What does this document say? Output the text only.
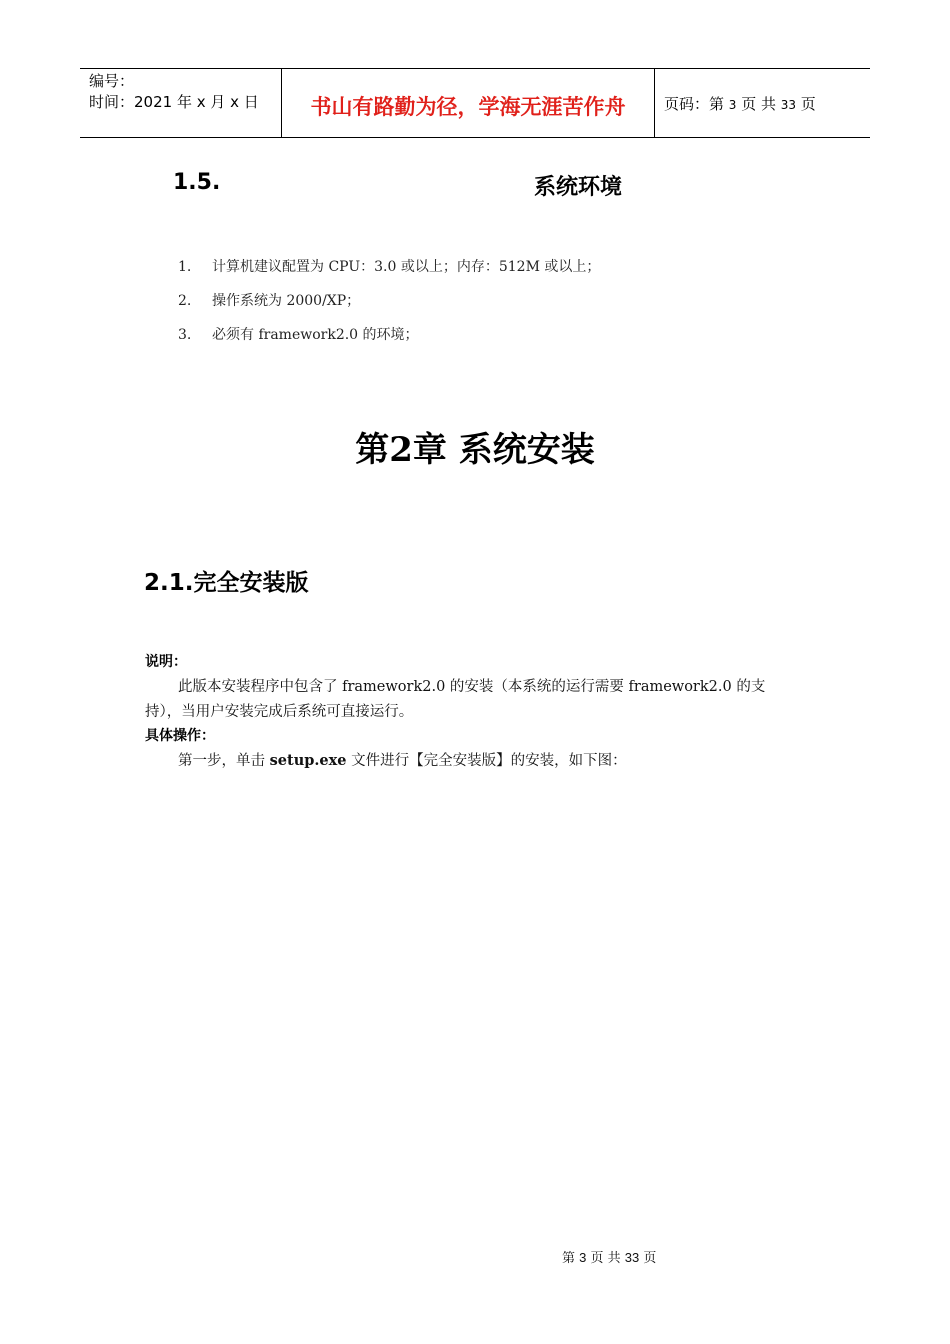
编号：
时间：2021 年 x 月 x 日	书山有路勤为径，学海无涯苦作舟	页码：第 3 页 共 33 页
1.5.	系统环境
1. 计算机建议配置为 CPU：3.0 或以上；内存：512M 或以上；
2. 操作系统为 2000/XP；
3. 必须有 framework2.0 的环境；
第2章 系统安装
2.1.完全安装版
说明：
此版本安装程序中包含了 framework2.0 的安装（本系统的运行需要 framework2.0 的支
持），当用户安装完成后系统可直接运行。
具体操作：
第一步，单击 setup.exe 文件进行【完全安装版】的安装，如下图：
第 3 页 共 33 页
